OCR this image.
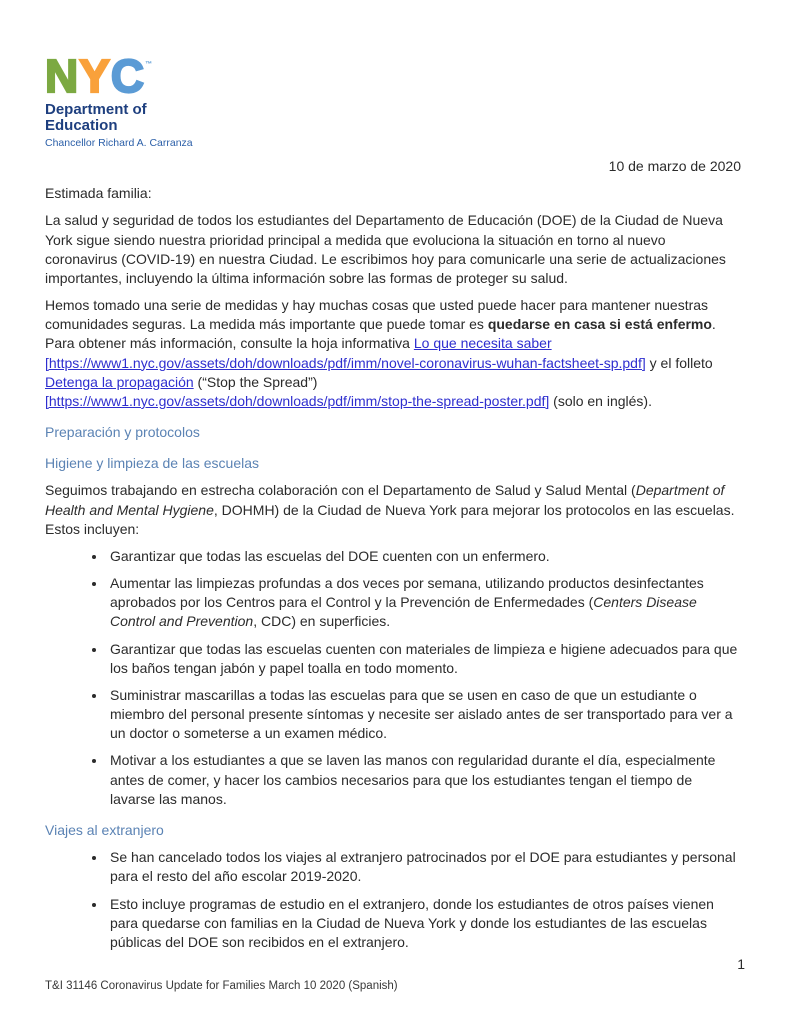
NYC™
Department of
Education
Chancellor Richard A. Carranza
10 de marzo de 2020

Estimada familia:

La salud y seguridad de todos los estudiantes del Departamento de Educación (DOE) de la Ciudad de Nueva York sigue siendo nuestra prioridad principal a medida que evoluciona la situación en torno al nuevo coronavirus (COVID-19) en nuestra Ciudad. Le escribimos hoy para comunicarle una serie de actualizaciones importantes, incluyendo la última información sobre las formas de proteger su salud.

Hemos tomado una serie de medidas y hay muchas cosas que usted puede hacer para mantener nuestras comunidades seguras. La medida más importante que puede tomar es quedarse en casa si está enfermo. Para obtener más información, consulte la hoja informativa Lo que necesita saber [https://www1.nyc.gov/assets/doh/downloads/pdf/imm/novel-coronavirus-wuhan-factsheet-sp.pdf] y el folleto Detenga la propagación (“Stop the Spread”) [https://www1.nyc.gov/assets/doh/downloads/pdf/imm/stop-the-spread-poster.pdf] (solo en inglés).

Preparación y protocolos
Higiene y limpieza de las escuelas

Seguimos trabajando en estrecha colaboración con el Departamento de Salud y Salud Mental (Department of Health and Mental Hygiene, DOHMH) de la Ciudad de Nueva York para mejorar los protocolos en las escuelas. Estos incluyen:

• Garantizar que todas las escuelas del DOE cuenten con un enfermero.
• Aumentar las limpiezas profundas a dos veces por semana, utilizando productos desinfectantes aprobados por los Centros para el Control y la Prevención de Enfermedades (Centers Disease Control and Prevention, CDC) en superficies.
• Garantizar que todas las escuelas cuenten con materiales de limpieza e higiene adecuados para que los baños tengan jabón y papel toalla en todo momento.
• Suministrar mascarillas a todas las escuelas para que se usen en caso de que un estudiante o miembro del personal presente síntomas y necesite ser aislado antes de ser transportado para ver a un doctor o someterse a un examen médico.
• Motivar a los estudiantes a que se laven las manos con regularidad durante el día, especialmente antes de comer, y hacer los cambios necesarios para que los estudiantes tengan el tiempo de lavarse las manos.
Viajes al extranjero
• Se han cancelado todos los viajes al extranjero patrocinados por el DOE para estudiantes y personal para el resto del año escolar 2019-2020.
• Esto incluye programas de estudio en el extranjero, donde los estudiantes de otros países vienen para quedarse con familias en la Ciudad de Nueva York y donde los estudiantes de las escuelas públicas del DOE son recibidos en el extranjero.
1
T&I 31146 Coronavirus Update for Families March 10 2020 (Spanish)
